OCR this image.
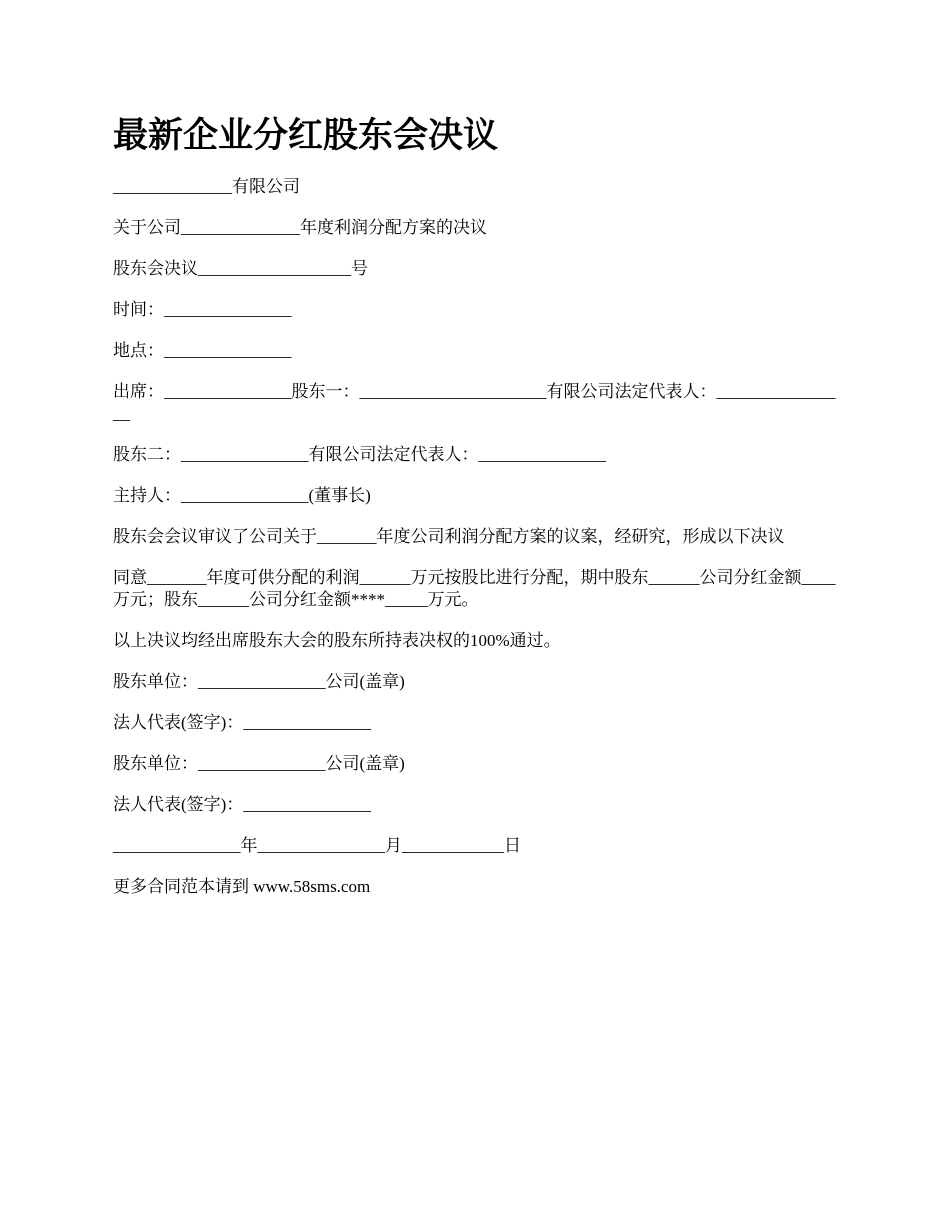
最新企业分红股东会决议

______________有限公司

关于公司______________年度利润分配方案的决议

股东会决议__________________号

时间：_______________

地点：_______________

出席：_______________股东一：______________________有限公司法定代表人：________________

股东二：_______________有限公司法定代表人：_______________

主持人：_______________(董事长)

股东会会议审议了公司关于_______年度公司利润分配方案的议案，经研究，形成以下决议

同意_______年度可供分配的利润______万元按股比进行分配，期中股东______公司分红金额____万元；股东______公司分红金额****_____万元。

以上决议均经出席股东大会的股东所持表决权的100%通过。

股东单位：_______________公司(盖章)

法人代表(签字)：_______________

股东单位：_______________公司(盖章)

法人代表(签字)：_______________

_______________年_______________月____________日

更多合同范本请到 www.58sms.com
